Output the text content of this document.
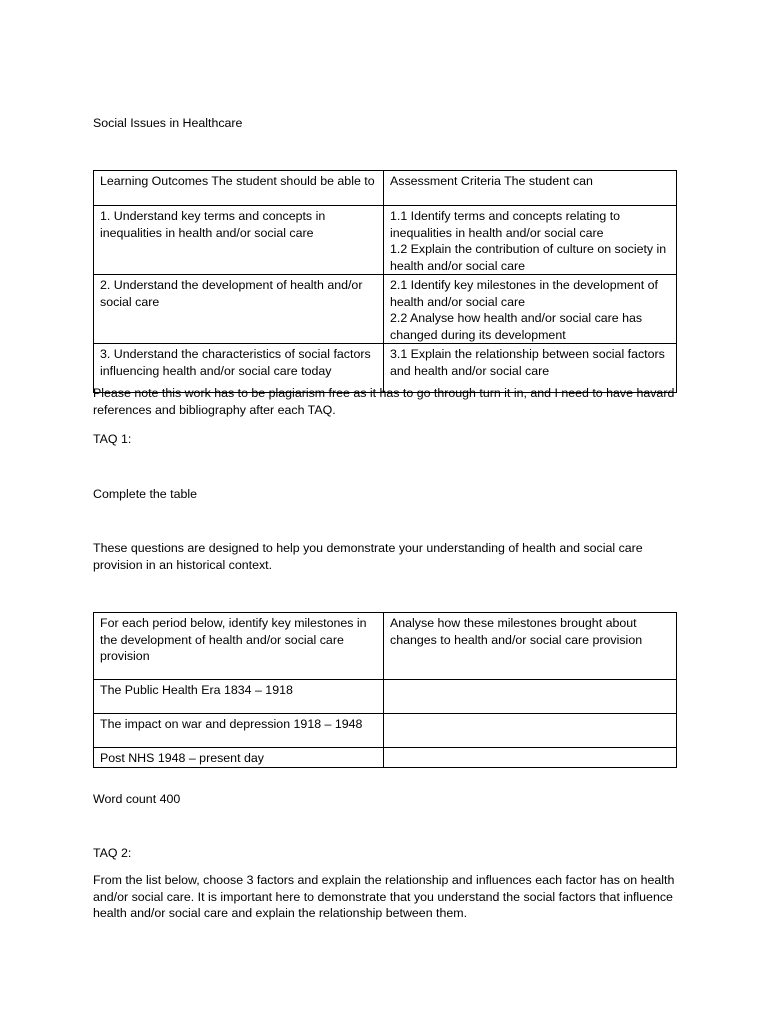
Social Issues in Healthcare
Learning Outcomes The student should be able to	Assessment Criteria The student can
1. Understand key terms and concepts in inequalities in health and/or social care	1.1 Identify terms and concepts relating to inequalities in health and/or social care
1.2 Explain the contribution of culture on society in health and/or social care

2. Understand the development of health and/or social care	2.1 Identify key milestones in the development of health and/or social care
2.2 Analyse how health and/or social care has changed during its development

3. Understand the characteristics of social factors influencing health and/or social care today	3.1 Explain the relationship between social factors and health and/or social care
Please note this work has to be plagiarism free as it has to go through turn it in, and I need to have havard references and bibliography after each TAQ.
TAQ 1:
Complete the table
These questions are designed to help you demonstrate your understanding of health and social care provision in an historical context.
For each period below, identify key milestones in the development of health and/or social care provision	Analyse how these milestones brought about changes to health and/or social care provision
The Public Health Era 1834 – 1918	
The impact on war and depression 1918 – 1948	
Post NHS 1948 – present day	
Word count 400
TAQ 2:
From the list below, choose 3 factors and explain the relationship and influences each factor has on health and/or social care. It is important here to demonstrate that you understand the social factors that influence health and/or social care and explain the relationship between them.
